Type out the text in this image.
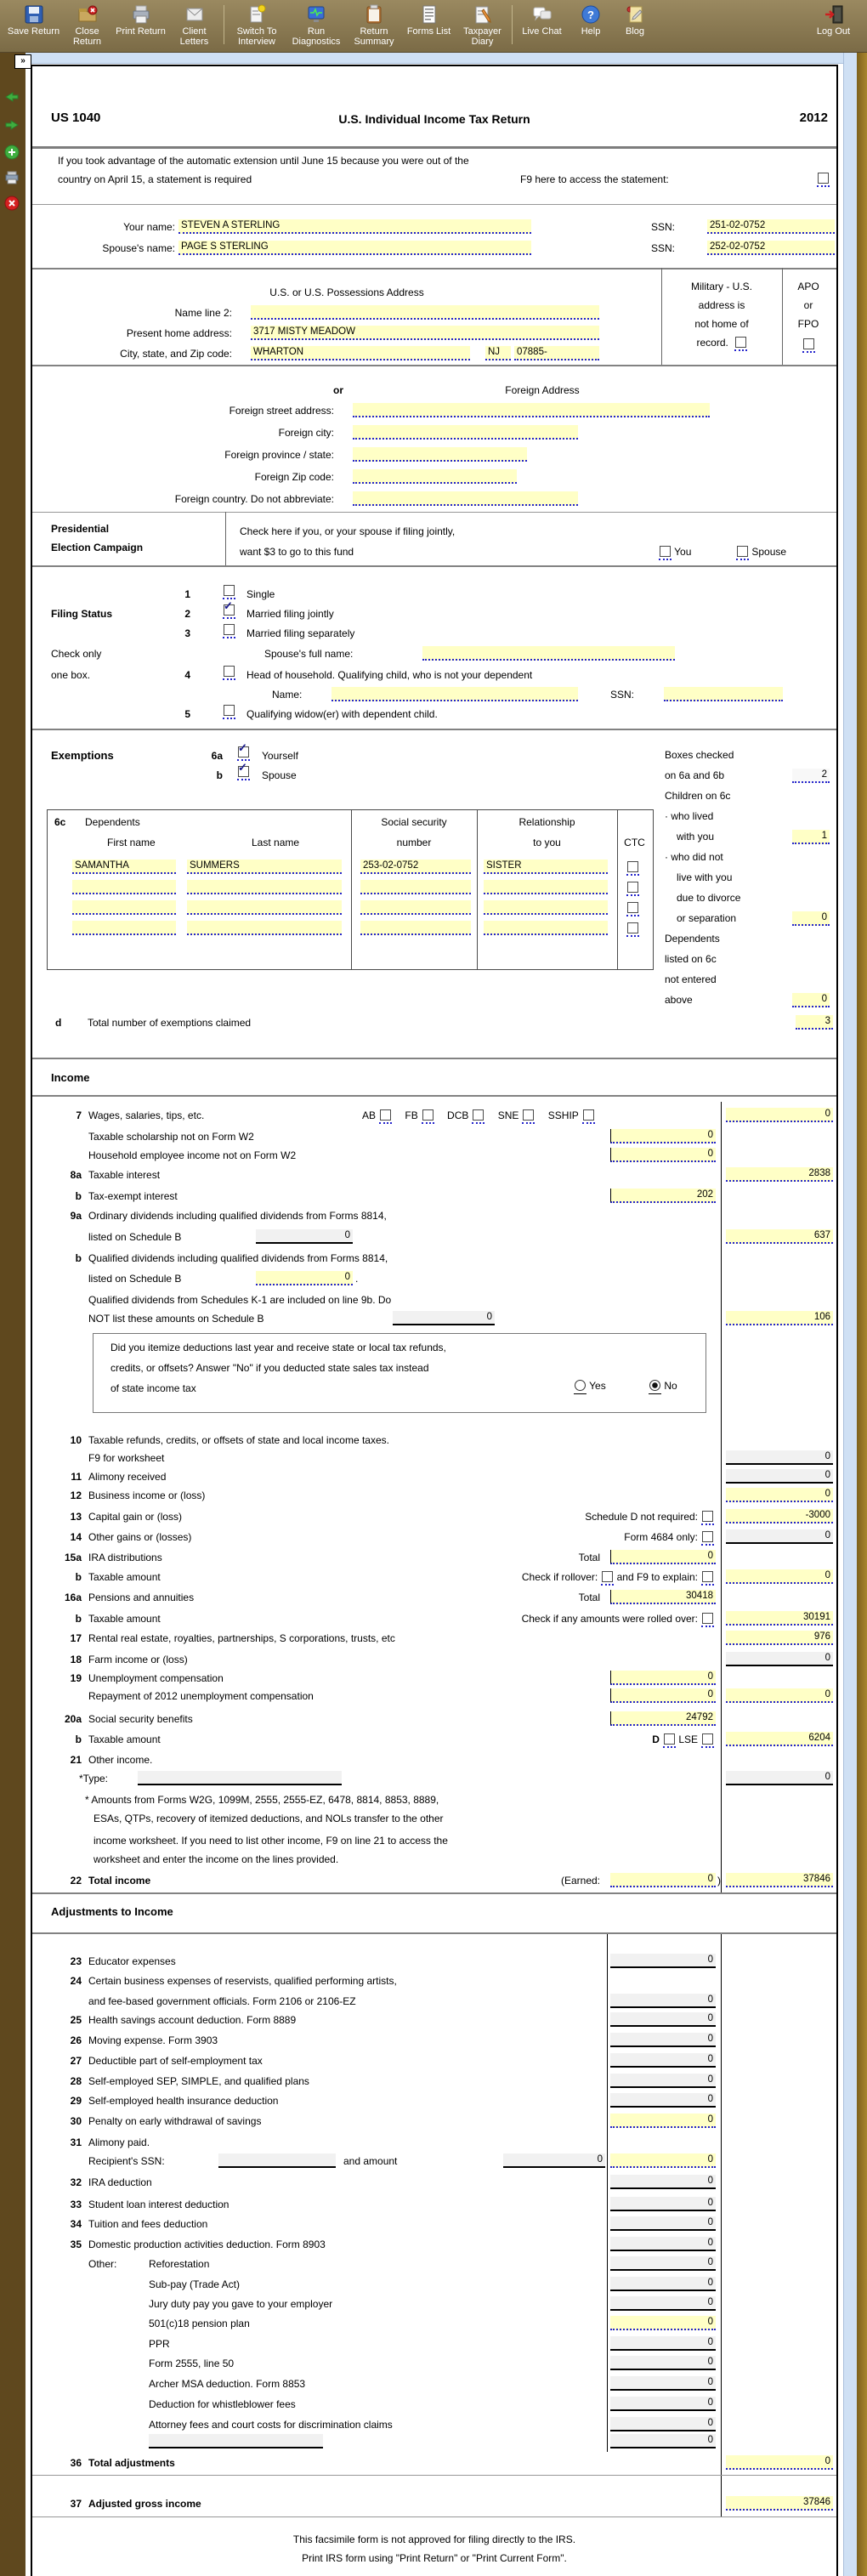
Save Return	Close Return
Print Return	Client Letters
Switch To Interview
Run Diagnostics
Return Summary
Forms List	Taxpayer Diary
Live Chat
?
Help	Blog	Log Out
»
US 1040	U.S. Individual Income Tax Return	2012
If you took advantage of the automatic extension until June 15 because you were out of the
country on April 15, a statement is required	F9 here to access the statement:
Your name: STEVEN A STERLING	SSN:	251-02-0752
Spouse's name: PAGE S STERLING	SSN:	252-02-0752
U.S. or U.S. Possessions Address
Name line 2:
Present home address: 3717 MISTY MEADOW
City, state, and Zip code: WHARTON	NJ	07885-
Military - U.S.
address is
not home of
record.
APO
or
FPO
or	Foreign Address
Foreign street address:
Foreign city:
Foreign province / state:
Foreign Zip code:
Foreign country. Do not abbreviate:
Presidential
Election Campaign
Check here if you, or your spouse if filing jointly,
want $3 to go to this fund	You	Spouse
1	Single
Filing Status	2 ✓	Married filing jointly
3	Married filing separately
Check only	Spouse's full name:
one box.	4	Head of household. Qualifying child, who is not your dependent
Name:	SSN:
5	Qualifying widow(er) with dependent child.
Exemptions	6a ✓	Yourself
b ✓	Spouse
Boxes checked
on 6a and 6b	2
Children on 6c
· who lived
with you	1
· who did not
live with you
due to divorce
or separation	0
Dependents
listed on 6c
not entered
above	0
6c Dependents
First name	Last name
Social security
number
Relationship
to you	CTC
SAMANTHA	SUMMERS	253-02-0752	SISTER
d	Total number of exemptions claimed	3
Income
7 Wages, salaries, tips, etc.	AB	FB	DCB	SNE	SSHIP	0
Taxable scholarship not on Form W2	0
Household employee income not on Form W2	0
8a Taxable interest	2838
b Tax-exempt interest	202
9a Ordinary dividends including qualified dividends from Forms 8814,
listed on Schedule B	0	637
b Qualified dividends including qualified dividends from Forms 8814,
listed on Schedule B	0 .
Qualified dividends from Schedules K-1 are included on line 9b. Do
NOT list these amounts on Schedule B	0	106
Did you itemize deductions last year and receive state or local tax refunds,
credits, or offsets? Answer "No" if you deducted state sales tax instead
of state income tax	Yes	No
10 Taxable refunds, credits, or offsets of state and local income taxes.
F9 for worksheet	0
11 Alimony received	0
12 Business income or (loss)	0
13 Capital gain or (loss)	Schedule D not required:	-3000
14 Other gains or (losses)	Form 4684 only:	0
15a IRA distributions	Total	0
b Taxable amount	Check if rollover: and F9 to explain:	0
16a Pensions and annuities	Total	30418
b Taxable amount	Check if any amounts were rolled over:	30191
17 Rental real estate, royalties, partnerships, S corporations, trusts, etc	976
18 Farm income or (loss)	0
19 Unemployment compensation	0
Repayment of 2012 unemployment compensation	0	0
20a Social security benefits	24792
b Taxable amount	D LSE	6204
21 Other income.
*Type:	0
* Amounts from Forms W2G, 1099M, 2555, 2555-EZ, 6478, 8814, 8853, 8889,
ESAs, QTPs, recovery of itemized deductions, and NOLs transfer to the other
income worksheet. If you need to list other income, F9 on line 21 to access the
worksheet and enter the income on the lines provided.
22 Total income	(Earned:	0 )	37846
Adjustments to Income
23 Educator expenses	0
24 Certain business expenses of reservists, qualified performing artists,
and fee-based government officials. Form 2106 or 2106-EZ	0
25 Health savings account deduction. Form 8889	0
26 Moving expense. Form 3903	0
27 Deductible part of self-employment tax	0
28 Self-employed SEP, SIMPLE, and qualified plans	0
29 Self-employed health insurance deduction	0
30 Penalty on early withdrawal of savings	0
31 Alimony paid.
Recipient's SSN:	and amount	0	0
32 IRA deduction	0
33 Student loan interest deduction	0
34 Tuition and fees deduction	0
35 Domestic production activities deduction. Form 8903	0
Other:	Reforestation	0
Sub-pay (Trade Act)	0
Jury duty pay you gave to your employer	0
501(c)18 pension plan	0
PPR	0
Form 2555, line 50	0
Archer MSA deduction. Form 8853	0
Deduction for whistleblower fees	0
Attorney fees and court costs for discrimination claims	0
0
36 Total adjustments	0
37 Adjusted gross income	37846
This facsimile form is not approved for filing directly to the IRS.
Print IRS form using "Print Return" or "Print Current Form".
